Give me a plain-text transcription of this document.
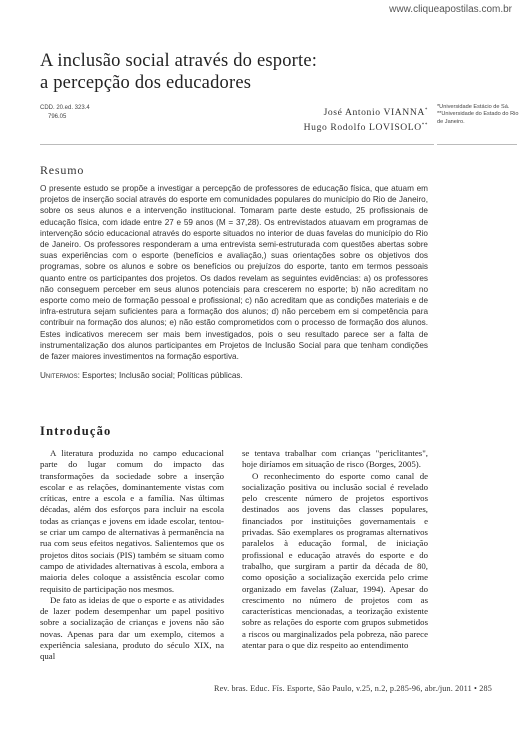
www.cliqueapostilas.com.br
A inclusão social através do esporte:
a percepção dos educadores
CDD. 20.ed. 323.4
796.05	José Antonio VIANNA*
Hugo Rodolfo LOVISOLO**
*Universidade Estácio de Sá.
**Universidade do Estado do Rio de Janeiro.
Resumo

O presente estudo se propõe a investigar a percepção de professores de educação física, que atuam em projetos de inserção social através do esporte em comunidades populares do município do Rio de Janeiro, sobre os seus alunos e a intervenção institucional. Tomaram parte deste estudo, 25 profissionais de educação física, com idade entre 27 e 59 anos (M = 37,28). Os entrevistados atuavam em programas de intervenção sócio educacional através do esporte situados no interior de duas favelas do município do Rio de Janeiro. Os professores responderam a uma entrevista semi-estruturada com questões abertas sobre suas experiências com o esporte (benefícios e avaliação,) suas orientações sobre os objetivos dos programas, sobre os alunos e sobre os benefícios ou prejuízos do esporte, tanto em termos pessoais quanto entre os participantes dos projetos. Os dados revelam as seguintes evidências: a) os professores não conseguem perceber em seus alunos potenciais para crescerem no esporte; b) não acreditam no esporte como meio de formação pessoal e profissional; c) não acreditam que as condições materiais e de infra-estrutura sejam suficientes para a formação dos alunos; d) não percebem em si competência para contribuir na formação dos alunos; e) não estão comprometidos com o processo de formação dos alunos. Estes indicativos merecem ser mais bem investigados, pois o seu resultado parece ser a falta de instrumentalização dos alunos participantes em Projetos de Inclusão Social para que tenham condições de fazer maiores investimentos na formação esportiva.

Unitermos: Esportes; Inclusão social; Políticas públicas.

Introdução

A literatura produzida no campo educacional parte do lugar comum do impacto das transformações da sociedade sobre a inserção escolar e as relações, dominantemente vistas com críticas, entre a escola e a família. Nas últimas décadas, além dos esforços para incluir na escola todas as crianças e jovens em idade escolar, tentou-se criar um campo de alternativas à permanência na rua com seus efeitos negativos. Salientemos que os projetos ditos sociais (PIS) também se situam como campo de atividades alternativas à escola, embora a maioria deles coloque a assistência escolar como requisito de participação nos mesmos.

De fato as ideias de que o esporte e as atividades de lazer podem desempenhar um papel positivo sobre a socialização de crianças e jovens não são novas. Apenas para dar um exemplo, citemos a experiência salesiana, produto do século XIX, na qual

se tentava trabalhar com crianças "periclitantes", hoje diríamos em situação de risco (Borges, 2005).

O reconhecimento do esporte como canal de socialização positiva ou inclusão social é revelado pelo crescente número de projetos esportivos destinados aos jovens das classes populares, financiados por instituições governamentais e privadas. São exemplares os programas alternativos paralelos à educação formal, de iniciação profissional e educação através do esporte e do trabalho, que surgiram a partir da década de 80, como oposição a socialização exercida pelo crime organizado em favelas (Zaluar, 1994). Apesar do crescimento no número de projetos com as características mencionadas, a teorização existente sobre as relações do esporte com grupos submetidos a riscos ou marginalizados pela pobreza, não parece atentar para o que diz respeito ao entendimento

Rev. bras. Educ. Fís. Esporte, São Paulo, v.25, n.2, p.285-96, abr./jun. 2011 • 285
